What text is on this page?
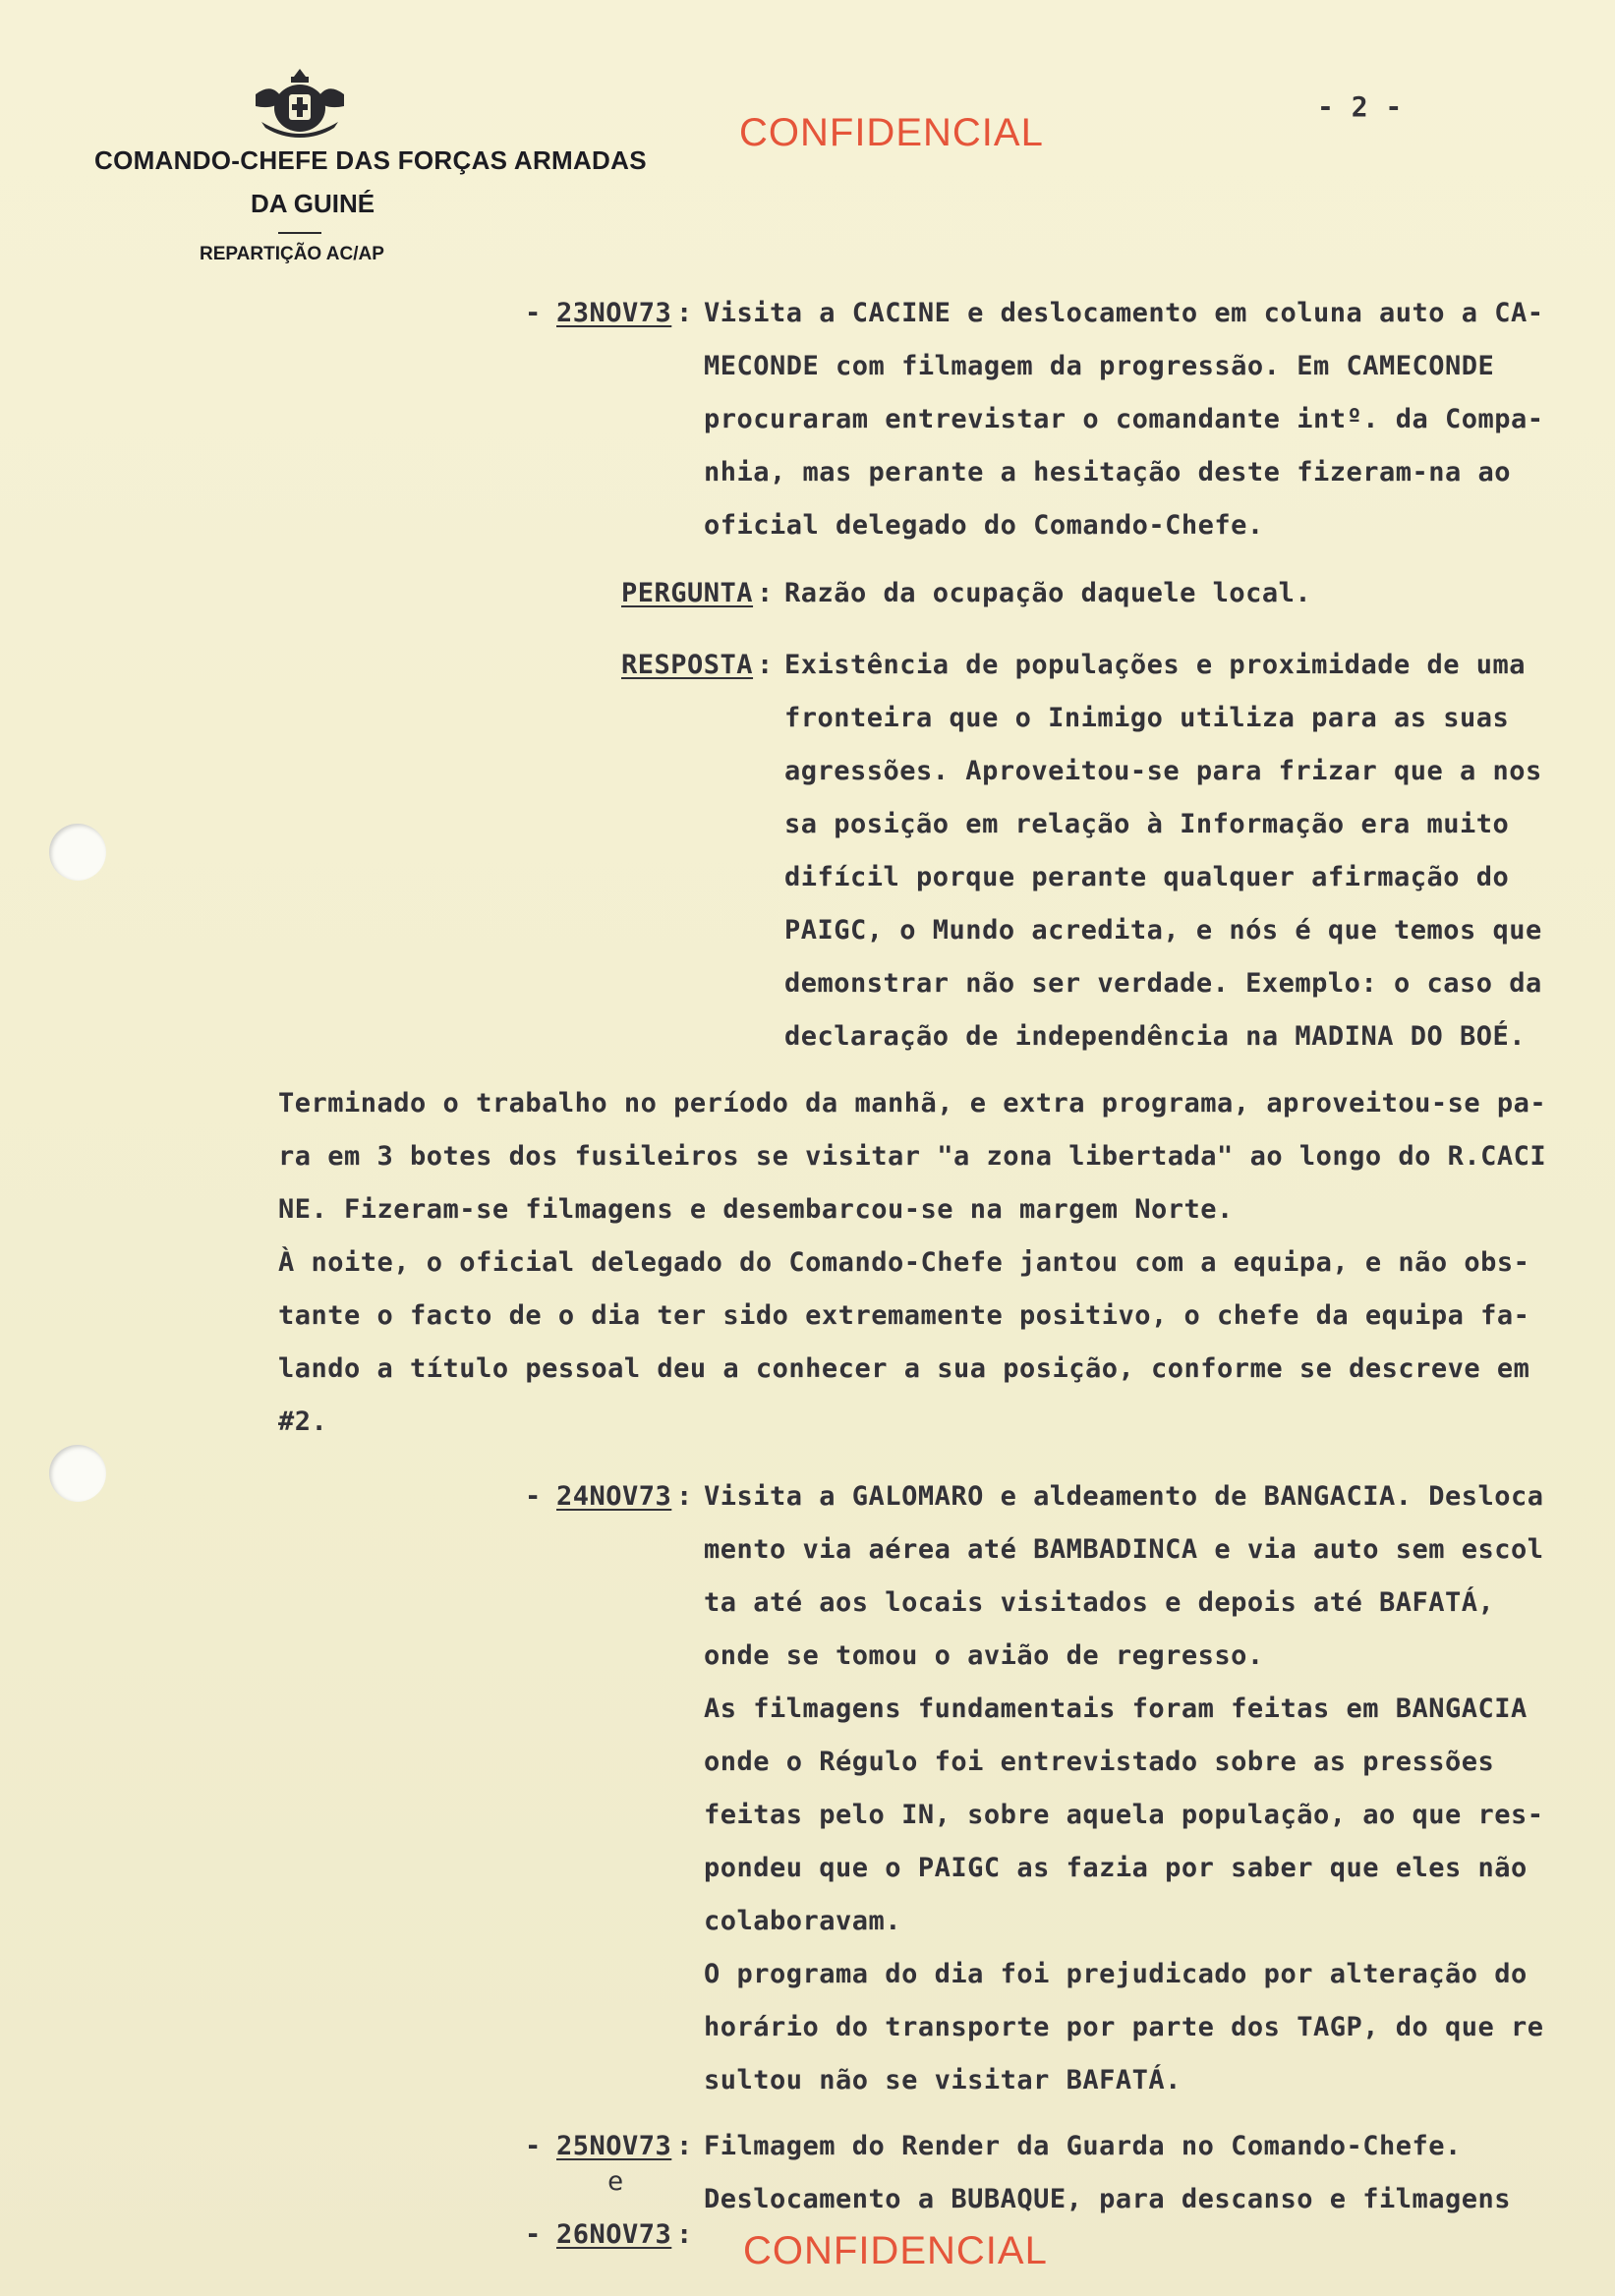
COMANDO-CHEFE DAS FORÇAS ARMADAS
DA GUINÉ
REPARTIÇÃO AC/AP
CONFIDENCIAL
- 2 -
- 23NOV73 : Visita a CACINE e deslocamento em coluna auto a CA-
MECONDE com filmagem da progressão. Em CAMECONDE
procuraram entrevistar o comandante intº. da Compa-
nhia, mas perante a hesitação deste fizeram-na ao
oficial delegado do Comando-Chefe.
PERGUNTA : Razão da ocupação daquele local.
RESPOSTA : Existência de populações e proximidade de uma
fronteira que o Inimigo utiliza para as suas
agressões. Aproveitou-se para frizar que a nos
sa posição em relação à Informação era muito
difícil porque perante qualquer afirmação do
PAIGC, o Mundo acredita, e nós é que temos que
demonstrar não ser verdade. Exemplo: o caso da
declaração de independência na MADINA DO BOÉ.
Terminado o trabalho no período da manhã, e extra programa, aproveitou-se pa-
ra em 3 botes dos fusileiros se visitar "a zona libertada" ao longo do R.CACI
NE. Fizeram-se filmagens e desembarcou-se na margem Norte.
À noite, o oficial delegado do Comando-Chefe jantou com a equipa, e não obs-
tante o facto de o dia ter sido extremamente positivo, o chefe da equipa fa-
lando a título pessoal deu a conhecer a sua posição, conforme se descreve em
#2.
- 24NOV73 : Visita a GALOMARO e aldeamento de BANGACIA. Desloca
mento via aérea até BAMBADINCA e via auto sem escol
ta até aos locais visitados e depois até BAFATÁ,
onde se tomou o avião de regresso.
As filmagens fundamentais foram feitas em BANGACIA
onde o Régulo foi entrevistado sobre as pressões
feitas pelo IN, sobre aquela população, ao que res-
pondeu que o PAIGC as fazia por saber que eles não
colaboravam.
O programa do dia foi prejudicado por alteração do
horário do transporte por parte dos TAGP, do que re
sultou não se visitar BAFATÁ.
- 25NOV73 : Filmagem do Render da Guarda no Comando-Chefe.
e
Deslocamento a BUBAQUE, para descanso e filmagens
- 26NOV73 : CONFIDENCIAL
